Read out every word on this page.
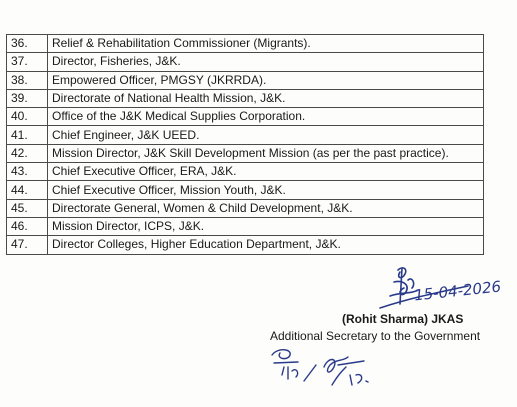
36.	Relief & Rehabilitation Commissioner (Migrants).
37.	Director, Fisheries, J&K.
38.	Empowered Officer, PMGSY (JKRRDA).
39.	Directorate of National Health Mission, J&K.
40.	Office of the J&K Medical Supplies Corporation.
41.	Chief Engineer, J&K UEED.
42.	Mission Director, J&K Skill Development Mission (as per the past practice).
43.	Chief Executive Officer, ERA, J&K.
44.	Chief Executive Officer, Mission Youth, J&K.
45.	Directorate General, Women & Child Development, J&K.
46.	Mission Director, ICPS, J&K.
47.	Director Colleges, Higher Education Department, J&K.
15-04-2026
(Rohit Sharma) JKAS
Additional Secretary to the Government
